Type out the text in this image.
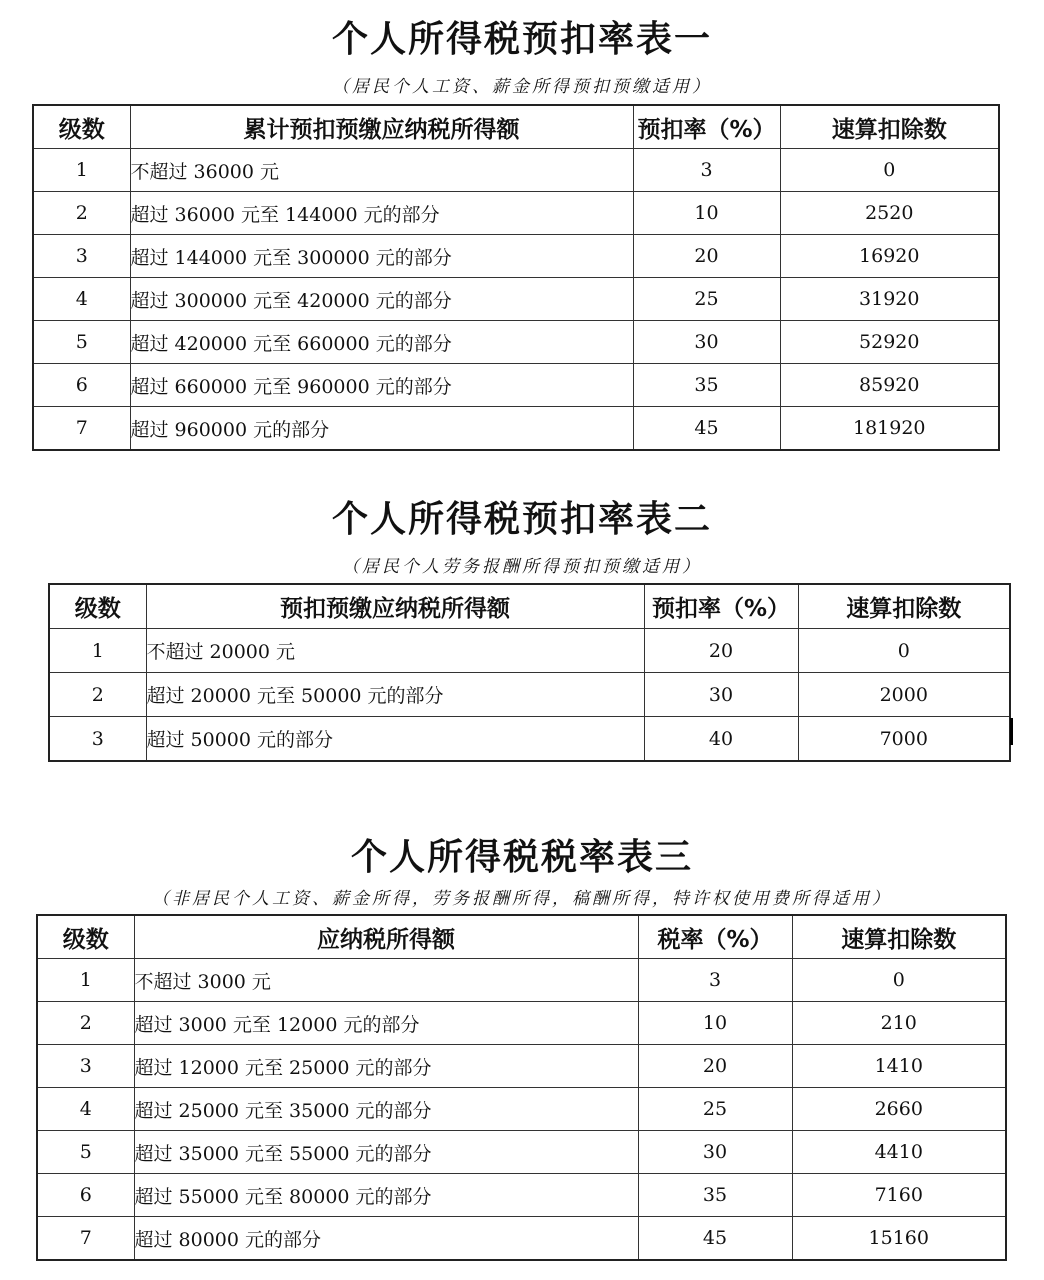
个人所得税预扣率表一

（居民个人工资、薪金所得预扣预缴适用）

级数	累计预扣预缴应纳税所得额	预扣率（%）	速算扣除数
1	不超过 36000 元	3	0
2	超过 36000 元至 144000 元的部分	10	2520
3	超过 144000 元至 300000 元的部分	20	16920
4	超过 300000 元至 420000 元的部分	25	31920
5	超过 420000 元至 660000 元的部分	30	52920
6	超过 660000 元至 960000 元的部分	35	85920
7	超过 960000 元的部分	45	181920
个人所得税预扣率表二

（居民个人劳务报酬所得预扣预缴适用）

级数	预扣预缴应纳税所得额	预扣率（%）	速算扣除数
1	不超过 20000 元	20	0
2	超过 20000 元至 50000 元的部分	30	2000
3	超过 50000 元的部分	40	7000
个人所得税税率表三

（非居民个人工资、薪金所得，劳务报酬所得，稿酬所得，特许权使用费所得适用）

级数	应纳税所得额	税率（%）	速算扣除数
1	不超过 3000 元	3	0
2	超过 3000 元至 12000 元的部分	10	210
3	超过 12000 元至 25000 元的部分	20	1410
4	超过 25000 元至 35000 元的部分	25	2660
5	超过 35000 元至 55000 元的部分	30	4410
6	超过 55000 元至 80000 元的部分	35	7160
7	超过 80000 元的部分	45	15160
